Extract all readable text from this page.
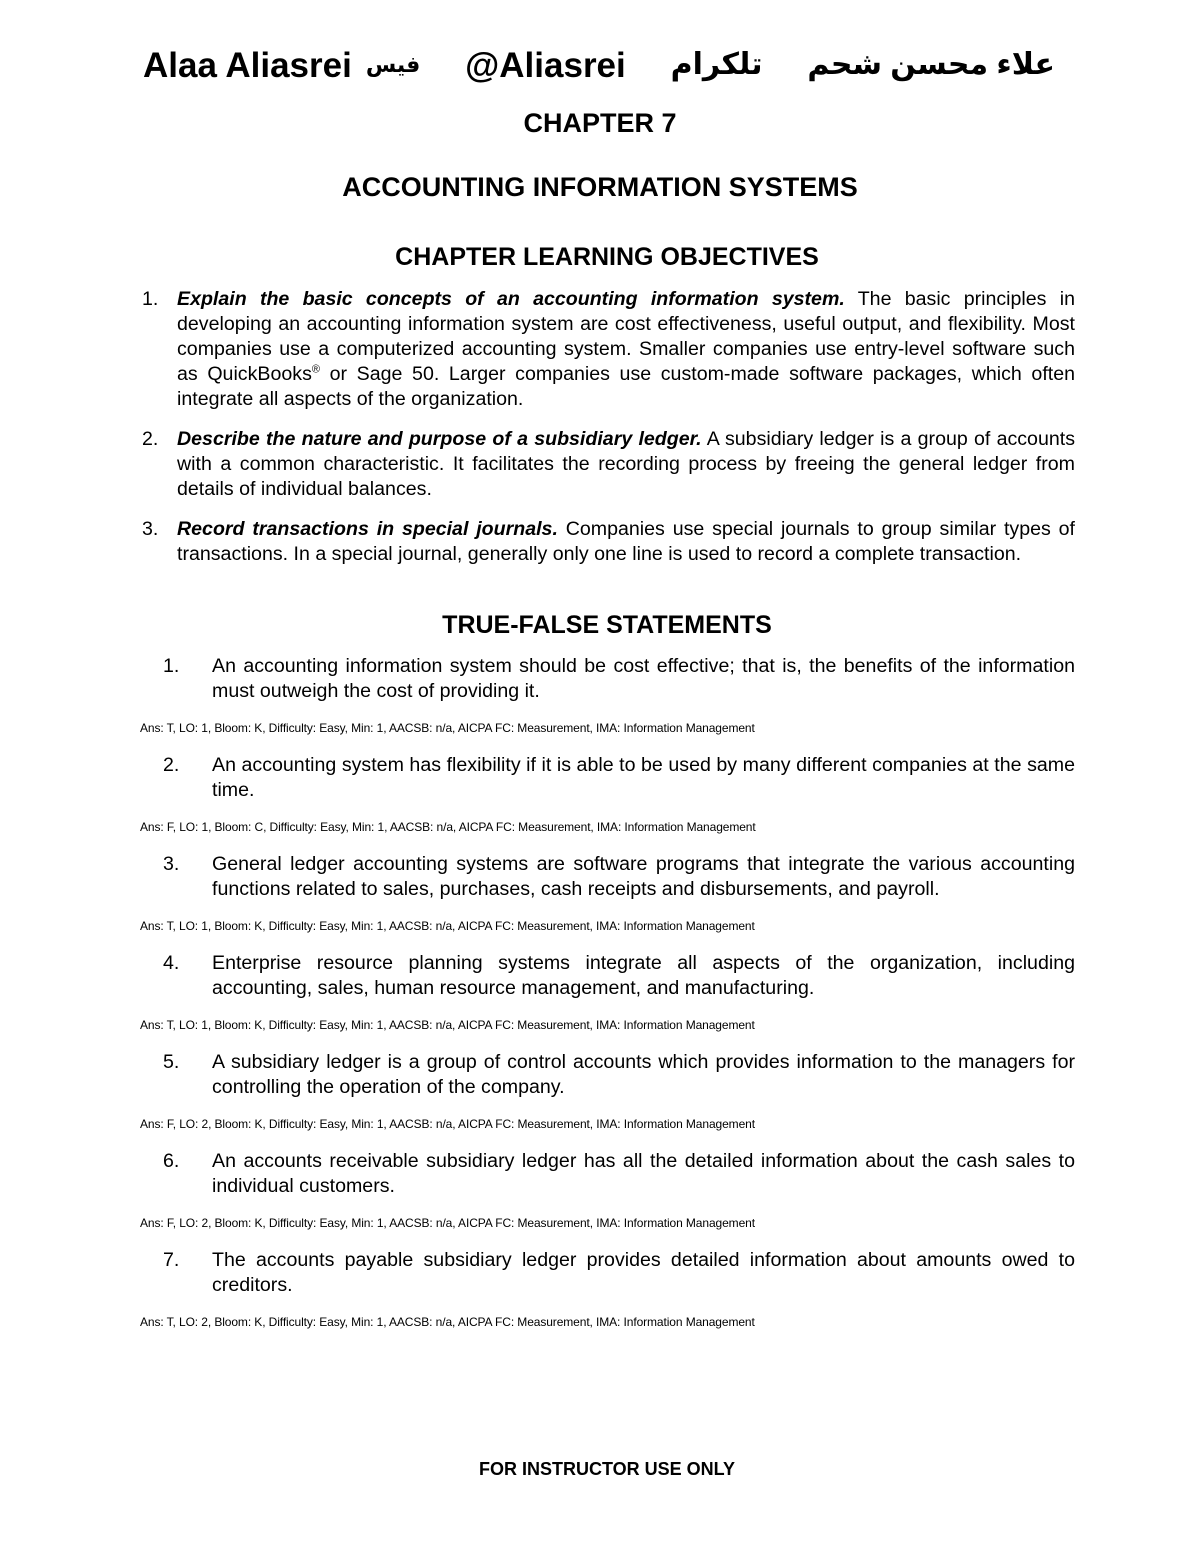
Alaa Aliasrei فيس @Aliasrei تلكرام علاء محسن شحم
CHAPTER 7
ACCOUNTING INFORMATION SYSTEMS
CHAPTER LEARNING OBJECTIVES
1. Explain the basic concepts of an accounting information system. The basic principles in developing an accounting information system are cost effectiveness, useful output, and flexibility. Most companies use a computerized accounting system. Smaller companies use entry-level software such as QuickBooks® or Sage 50. Larger companies use custom-made software packages, which often integrate all aspects of the organization.
2. Describe the nature and purpose of a subsidiary ledger. A subsidiary ledger is a group of accounts with a common characteristic. It facilitates the recording process by freeing the general ledger from details of individual balances.
3. Record transactions in special journals. Companies use special journals to group similar types of transactions. In a special journal, generally only one line is used to record a complete transaction.
TRUE-FALSE STATEMENTS
1. An accounting information system should be cost effective; that is, the benefits of the information must outweigh the cost of providing it.
Ans: T, LO: 1, Bloom: K, Difficulty: Easy, Min: 1, AACSB: n/a, AICPA FC: Measurement, IMA: Information Management
2. An accounting system has flexibility if it is able to be used by many different companies at the same time.
Ans: F, LO: 1, Bloom: C, Difficulty: Easy, Min: 1, AACSB: n/a, AICPA FC: Measurement, IMA: Information Management
3. General ledger accounting systems are software programs that integrate the various accounting functions related to sales, purchases, cash receipts and disbursements, and payroll.
Ans: T, LO: 1, Bloom: K, Difficulty: Easy, Min: 1, AACSB: n/a, AICPA FC: Measurement, IMA: Information Management
4. Enterprise resource planning systems integrate all aspects of the organization, including accounting, sales, human resource management, and manufacturing.
Ans: T, LO: 1, Bloom: K, Difficulty: Easy, Min: 1, AACSB: n/a, AICPA FC: Measurement, IMA: Information Management
5. A subsidiary ledger is a group of control accounts which provides information to the managers for controlling the operation of the company.
Ans: F, LO: 2, Bloom: K, Difficulty: Easy, Min: 1, AACSB: n/a, AICPA FC: Measurement, IMA: Information Management
6. An accounts receivable subsidiary ledger has all the detailed information about the cash sales to individual customers.
Ans: F, LO: 2, Bloom: K, Difficulty: Easy, Min: 1, AACSB: n/a, AICPA FC: Measurement, IMA: Information Management
7. The accounts payable subsidiary ledger provides detailed information about amounts owed to creditors.
Ans: T, LO: 2, Bloom: K, Difficulty: Easy, Min: 1, AACSB: n/a, AICPA FC: Measurement, IMA: Information Management
FOR INSTRUCTOR USE ONLY
